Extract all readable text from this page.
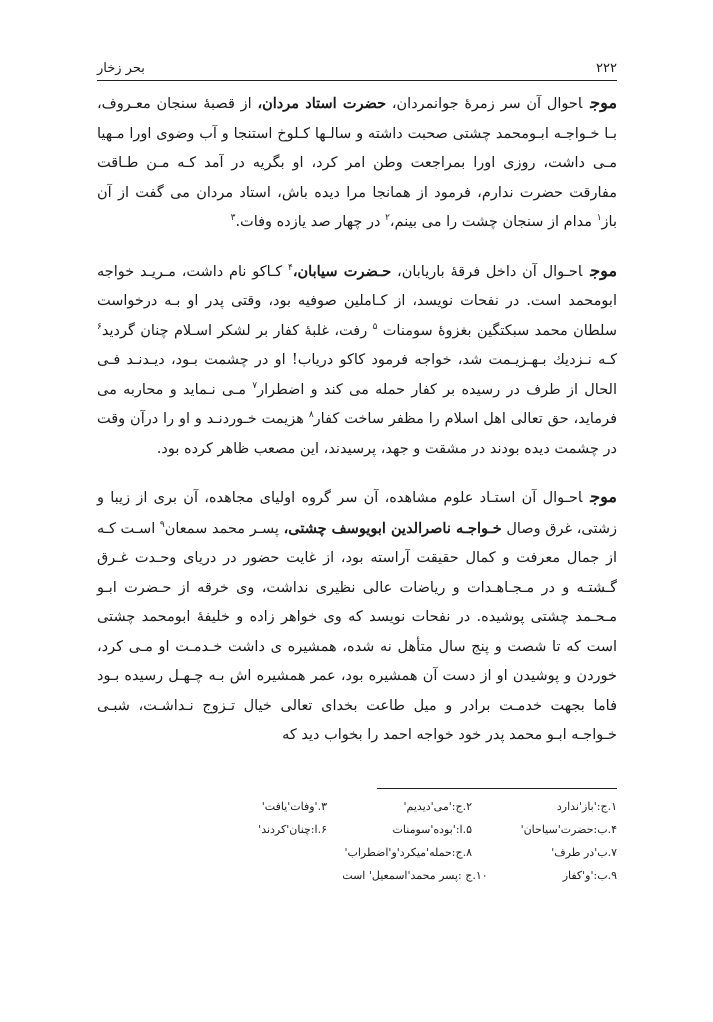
بحر زخار	۲۲۲

موجاحوال آن سر زمرهٔ جوانمردان، حضرت استاد مردان، از قصبهٔ سنجان معـروف، بـا خـواجـه ابـومحمد چشتی صحبت داشته و سالـها کـلوخ استنجا و آب وضوی اورا مـهیا مـی داشت، روزی اورا بمراجعت وطن امر کرد، او بگریه در آمد کـه مـن طـاقت مفارقت حضرت ندارم، فرمود از همانجا مرا دیده باش، استاد مردان می گفت از آن باز$^۱$ مدام از سنجان چشت را می بینم،$^۲$ در چهار صد یازده وفات.$^۳$

موجاحـوال آن داخل فرقهٔ باریابان، حـضرت سیابان،$^۴$ کـاکو نام داشت، مـریـد خواجه ابومحمد است. در نفحات نویسد، از کـاملین صوفیه بود، وقتی پدر او بـه درخواست سلطان محمد سبکتگین بغزوهٔ سومنات $^۵$ رفت، غلبهٔ کفار بر لشکر اسـلام چنان گردید$^۶$ کـه نـزدیك بـهـزیـمت شد، خواجه فرمود کاکو دریاب! او در چشمت بـود، دیـدنـد فـی الحال از طرف در رسیده بر کفار حمله می کند و اضطرار$^۷$ مـی نـماید و محاربه می فرماید، حق تعالی اهل اسلام را مظفر ساخت کفار$^۸$ هزیمت خـوردنـد و او را درآن وقت در چشمت دیده بودند در مشقت و جهد، پرسیدند، این مصعب ظاهر کرده بود.

موجاحـوال آن استـاد علوم مشاهده، آن سر گروه اولیای مجاهده، آن بری از زیبا و زشتی، غرق وصال خـواجـه ناصرالدین ابویوسف چشتی، پسـر محمد سمعان$^۹$ اسـت کـه از جمال معرفت و کمال حقیقت آراسته بود، از غایت حضور در دریای وحـدت غـرق گـشتـه و در مـجـاهـدات و ریاضات عالی نظیری نداشت، وی خرقه از حـضرت ابـو مـحـمد چشتی پوشیده. در نفحات نویسد که وی خواهر زاده و خلیفهٔ ابومحمد چشتی است که تا شصت و پنج سال متأهل نه شده، همشیره ی داشت خـدمـت او مـی کرد، خوردن و پوشیدن او از دست آن همشیره بود، عمر همشیره اش بـه چـهـل رسیده بـود فاما بجهت خدمـت برادر و میل طاعت بخدای تعالی خیال تـزوج نـداشـت، شبـی خـواجـه ابـو محمد پدر خود خواجه احمد را بخواب دید که

۱.ج:'باز'ندارد
۲.ج:'می'دیدیم'
۳.'وفات'یافت'
۴.ب:حضرت'سیاحان'
۵.ا:'بوده'سومنات
۶.ا:چنان'کردند'
۷.ب'در طرف'
۸.ج:حمله'میکرد'و'اضطراب'
۹.ب:'و'کفار
۱۰.ج :پسر محمد'اسمعیل' است
